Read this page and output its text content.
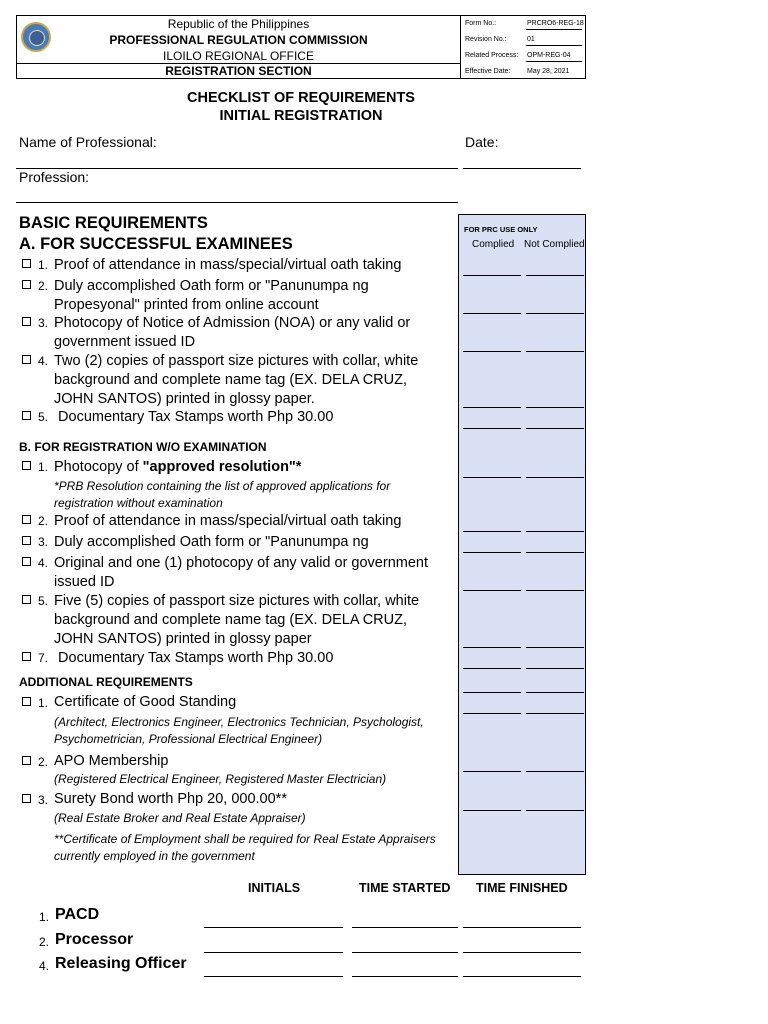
Republic of the Philippines
PROFESSIONAL REGULATION COMMISSION
ILOILO REGIONAL OFFICE
REGISTRATION SECTION
Form No.:	PRCRO6-REG-18
Revision No.:	01
Related Process: OPM-REG-04
Effective Date: May 28, 2021
CHECKLIST OF REQUIREMENTS
INITIAL REGISTRATION
Name of Professional:	Date:
Profession:
FOR PRC USE ONLY
Complied Not Complied
BASIC REQUIREMENTS
A. FOR SUCCESSFUL EXAMINEES
1. Proof of attendance in mass/special/virtual oath taking
2. Duly accomplished Oath form or "Panunumpa ng
Propesyonal" printed from online account
3. Photocopy of Notice of Admission (NOA) or any valid or
government issued ID
4. Two (2) copies of passport size pictures with collar, white
background and complete name tag (EX. DELA CRUZ,
JOHN SANTOS) printed in glossy paper.
5. Documentary Tax Stamps worth Php 30.00
B. FOR REGISTRATION W/O EXAMINATION
1. Photocopy of "approved resolution"*
*PRB Resolution containing the list of approved applications for
registration without examination
2. Proof of attendance in mass/special/virtual oath taking
3. Duly accomplished Oath form or "Panunumpa ng
4. Original and one (1) photocopy of any valid or government
issued ID
5. Five (5) copies of passport size pictures with collar, white
background and complete name tag (EX. DELA CRUZ,
JOHN SANTOS) printed in glossy paper
7. Documentary Tax Stamps worth Php 30.00
ADDITIONAL REQUIREMENTS
1. Certificate of Good Standing
(Architect, Electronics Engineer, Electronics Technician, Psychologist,
Psychometrician, Professional Electrical Engineer)
2. APO Membership
(Registered Electrical Engineer, Registered Master Electrician)
3. Surety Bond worth Php 20, 000.00**
(Real Estate Broker and Real Estate Appraiser)
**Certificate of Employment shall be required for Real Estate Appraisers
currently employed in the government
INITIALS	TIME STARTED TIME FINISHED
1. PACD
2. Processor
4. Releasing Officer
